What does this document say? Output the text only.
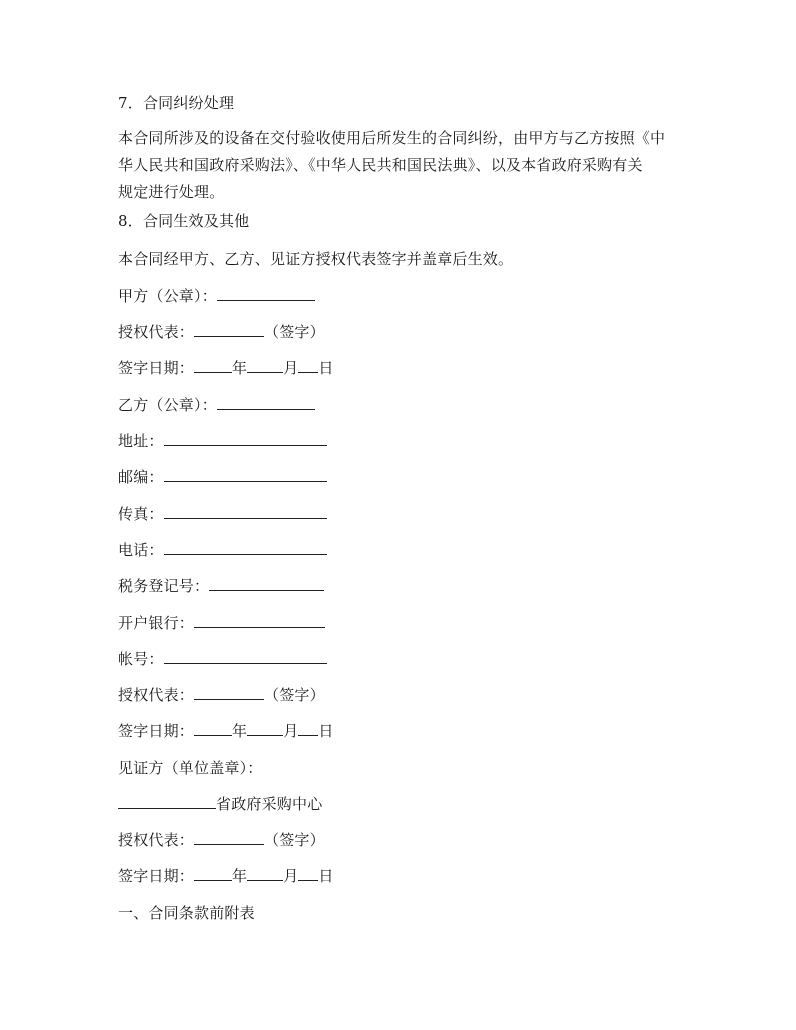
7．合同纠纷处理
本合同所涉及的设备在交付验收使用后所发生的合同纠纷，由甲方与乙方按照《中
华人民共和国政府采购法》、《中华人民共和国民法典》、以及本省政府采购有关
规定进行处理。
8．合同生效及其他
本合同经甲方、乙方、见证方授权代表签字并盖章后生效。
甲方（公章）：
授权代表：	（签字）
签字日期：	年 月 日
乙方（公章）：
地址：
邮编：
传真：
电话：
税务登记号：
开户银行：
帐号：
授权代表：	（签字）
签字日期：	年 月 日
见证方（单位盖章）：
省政府采购中心
授权代表：	（签字）
签字日期：	年 月 日
一、合同条款前附表
